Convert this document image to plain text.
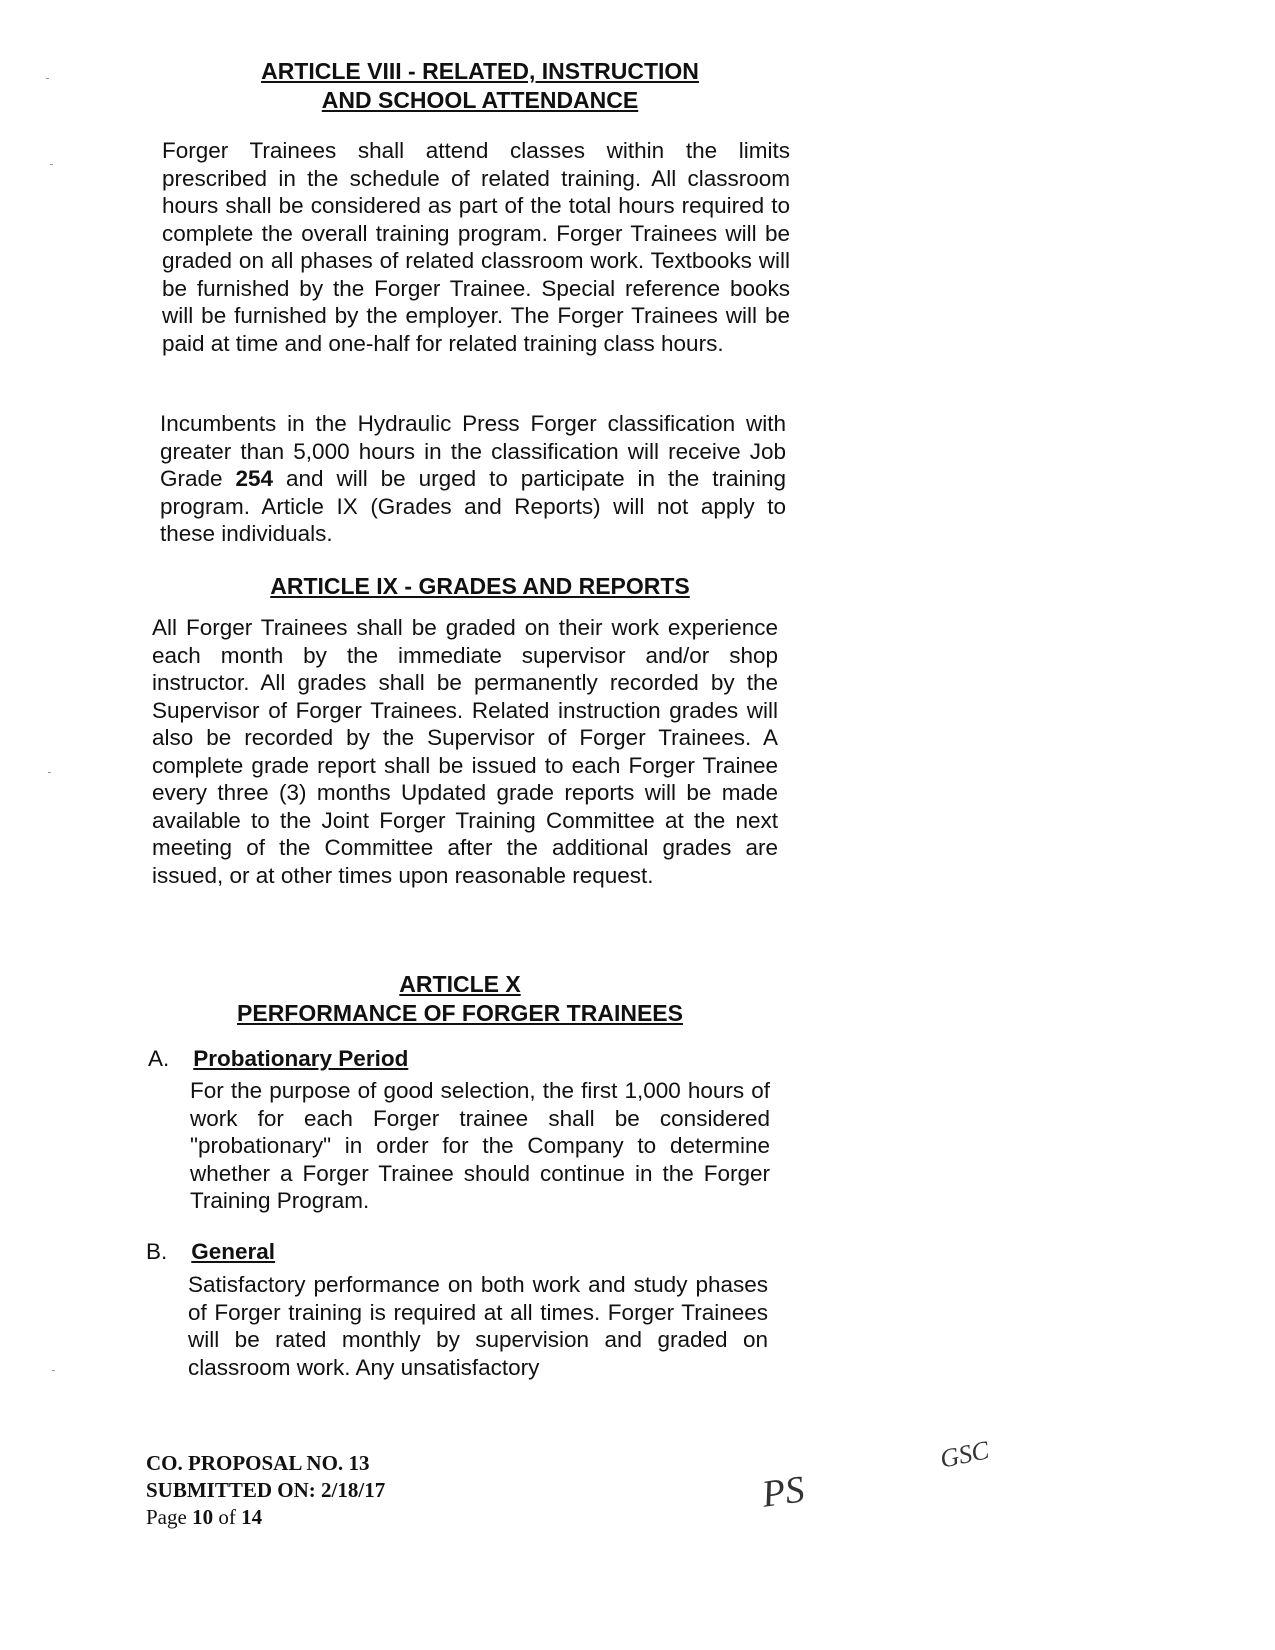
ARTICLE VIII - RELATED, INSTRUCTION
AND SCHOOL ATTENDANCE

Forger Trainees shall attend classes within the limits prescribed in the schedule of related training. All classroom hours shall be considered as part of the total hours required to complete the overall training program. Forger Trainees will be graded on all phases of related classroom work. Textbooks will be furnished by the Forger Trainee. Special reference books will be furnished by the employer. The Forger Trainees will be paid at time and one-half for related training class hours.

Incumbents in the Hydraulic Press Forger classification with greater than 5,000 hours in the classification will receive Job Grade 254 and will be urged to participate in the training program. Article IX (Grades and Reports) will not apply to these individuals.

ARTICLE IX - GRADES AND REPORTS

All Forger Trainees shall be graded on their work experience each month by the immediate supervisor and/or shop instructor. All grades shall be permanently recorded by the Supervisor of Forger Trainees. Related instruction grades will also be recorded by the Supervisor of Forger Trainees. A complete grade report shall be issued to each Forger Trainee every three (3) months Updated grade reports will be made available to the Joint Forger Training Committee at the next meeting of the Committee after the additional grades are issued, or at other times upon reasonable request.

ARTICLE X
PERFORMANCE OF FORGER TRAINEES
A. Probationary Period

For the purpose of good selection, the first 1,000 hours of work for each Forger trainee shall be considered "probationary" in order for the Company to determine whether a Forger Trainee should continue in the Forger Training Program.

B. General

Satisfactory performance on both work and study phases of Forger training is required at all times. Forger Trainees will be rated monthly by supervision and graded on classroom work. Any unsatisfactory

CO. PROPOSAL NO. 13
SUBMITTED ON: 2/18/17
Page 10 of 14
PS
GSC
